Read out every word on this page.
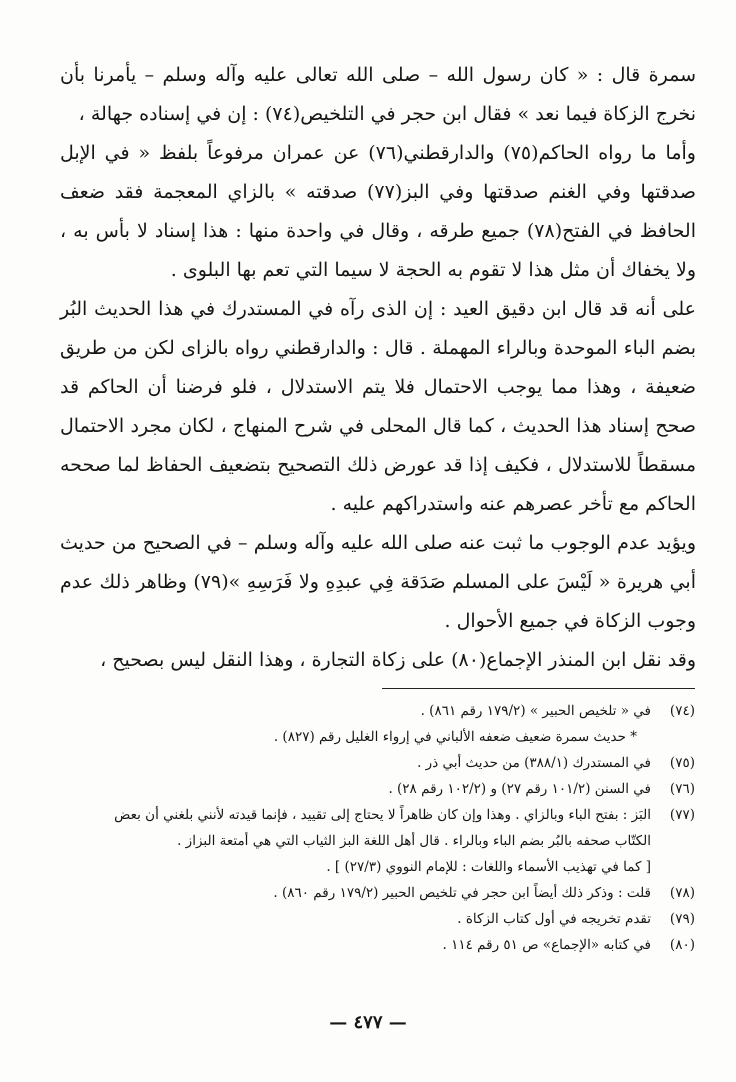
سمرة قال : « كان رسول الله – صلى الله تعالى عليه وآله وسلم – يأمرنا بأن نخرج الزكاة فيما نعد » فقال ابن حجر في التلخيص(٧٤) : إن في إسناده جهالة ،

وأما ما رواه الحاكم(٧٥) والدارقطني(٧٦) عن عمران مرفوعاً بلفظ « في الإبل صدقتها وفي الغنم صدقتها وفي البز(٧٧) صدقته » بالزاي المعجمة فقد ضعف الحافظ في الفتح(٧٨) جميع طرقه ، وقال في واحدة منها : هذا إسناد لا بأس به ، ولا يخفاك أن مثل هذا لا تقوم به الحجة لا سيما التي تعم بها البلوى .

على أنه قد قال ابن دقيق العيد : إن الذى رآه في المستدرك في هذا الحديث البُر بضم الباء الموحدة وبالراء المهملة . قال : والدارقطني رواه بالزاى لكن من طريق ضعيفة ، وهذا مما يوجب الاحتمال فلا يتم الاستدلال ، فلو فرضنا أن الحاكم قد صحح إسناد هذا الحديث ، كما قال المحلى في شرح المنهاج ، لكان مجرد الاحتمال مسقطاً للاستدلال ، فكيف إذا قد عورض ذلك التصحيح بتضعيف الحفاظ لما صححه الحاكم مع تأخر عصرهم عنه واستدراكهم عليه .

ويؤيد عدم الوجوب ما ثبت عنه صلى الله عليه وآله وسلم – في الصحيح من حديث أبي هريرة « لَيْسَ على المسلم صَدَقة فِي عبدِهِ ولا فَرَسِهِ »(٧٩) وظاهر ذلك عدم وجوب الزكاة في جميع الأحوال .

وقد نقل ابن المنذر الإجماع(٨٠) على زكاة التجارة ، وهذا النقل ليس بصحيح ،

(٧٤)
في « تلخيص الحبير » (١٧٩/٢ رقم ٨٦١) .
* حديث سمرة ضعيف ضعفه الألباني في إرواء الغليل رقم (٨٢٧) .
(٧٥)
في المستدرك (٣٨٨/١) من حديث أبي ذر .
(٧٦)
في السنن (١٠١/٢ رقم ٢٧) و (١٠٢/٢ رقم ٢٨) .
(٧٧)
البَز : بفتح الباء وبالزاي . وهذا وإن كان ظاهراً لا يحتاج إلى تقييد ، فإنما قيدته لأنني بلغني أن بعض
الكتّاب صحفه بالبُر بضم الباء وبالراء . قال أهل اللغة البز الثياب التي هي أمتعة البزاز .
[ كما في تهذيب الأسماء واللغات : للإمام النووي (٢٧/٣) ] .
(٧٨)
قلت : وذكر ذلك أيضاً ابن حجر في تلخيص الحبير (١٧٩/٢ رقم ٨٦٠) .
(٧٩)
تقدم تخريجه في أول كتاب الزكاة .
(٨٠)
في كتابه «الإجماع» ص ٥١ رقم ١١٤ .
— ٤٧٧ —
